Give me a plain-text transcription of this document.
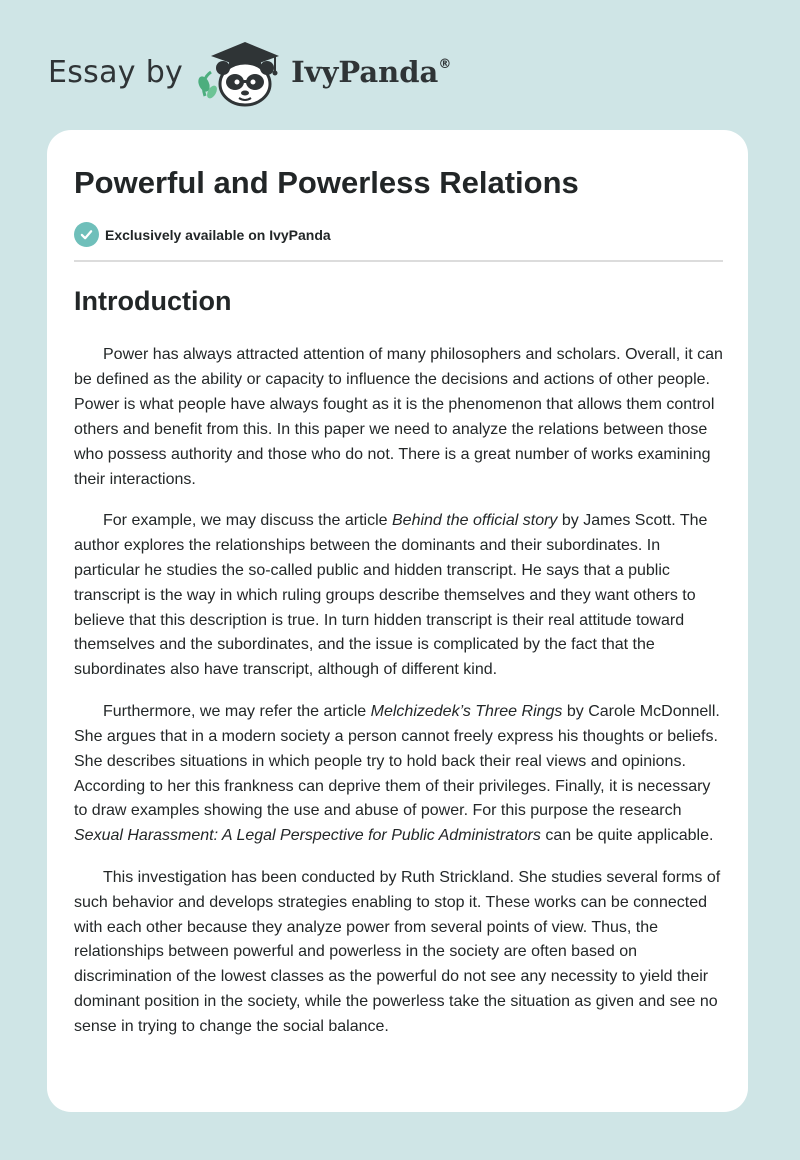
Essay by	IvyPanda®
Powerful and Powerless Relations
Exclusively available on IvyPanda
Introduction

Power has always attracted attention of many philosophers and scholars. Overall, it can be defined as the ability or capacity to influence the decisions and actions of other people. Power is what people have always fought as it is the phenomenon that allows them control others and benefit from this. In this paper we need to analyze the relations between those who possess authority and those who do not. There is a great number of works examining their interactions.

For example, we may discuss the article Behind the official story by James Scott. The author explores the relationships between the dominants and their subordinates. In particular he studies the so-called public and hidden transcript. He says that a public transcript is the way in which ruling groups describe themselves and they want others to believe that this description is true. In turn hidden transcript is their real attitude toward themselves and the subordinates, and the issue is complicated by the fact that the subordinates also have transcript, although of different kind.

Furthermore, we may refer the article Melchizedek’s Three Rings by Carole McDonnell. She argues that in a modern society a person cannot freely express his thoughts or beliefs. She describes situations in which people try to hold back their real views and opinions. According to her this frankness can deprive them of their privileges. Finally, it is necessary to draw examples showing the use and abuse of power. For this purpose the research Sexual Harassment: A Legal Perspective for Public Administrators can be quite applicable.

This investigation has been conducted by Ruth Strickland. She studies several forms of such behavior and develops strategies enabling to stop it. These works can be connected with each other because they analyze power from several points of view. Thus, the relationships between powerful and powerless in the society are often based on discrimination of the lowest classes as the powerful do not see any necessity to yield their dominant position in the society, while the powerless take the situation as given and see no sense in trying to change the social balance.
